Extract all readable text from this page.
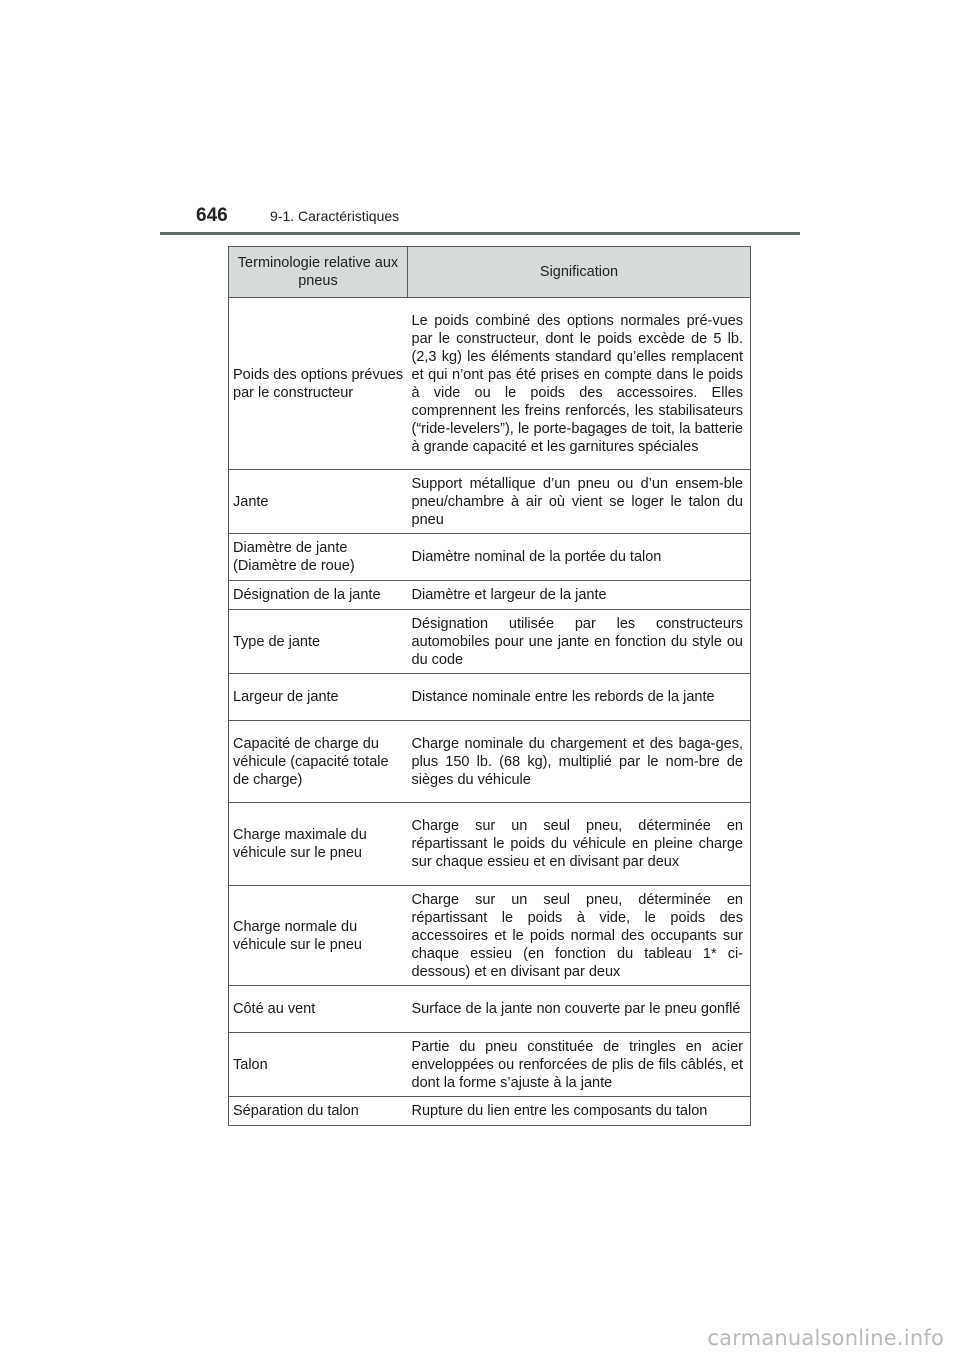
646	9-1. Caractéristiques
Terminologie relative aux pneus	Signification
Poids des options prévues par le constructeur	Le poids combiné des options normales pré-vues par le constructeur, dont le poids excède de 5 lb. (2,3 kg) les éléments standard qu’elles remplacent et qui n’ont pas été prises en compte dans le poids à vide ou le poids des accessoires. Elles comprennent les freins renforcés, les stabilisateurs (“ride-levelers”), le porte-bagages de toit, la batterie à grande capacité et les garnitures spéciales
Jante	Support métallique d’un pneu ou d’un ensem-ble pneu/chambre à air où vient se loger le talon du pneu
Diamètre de jante (Diamètre de roue)	Diamètre nominal de la portée du talon
Désignation de la jante	Diamètre et largeur de la jante
Type de jante	Désignation utilisée par les constructeurs automobiles pour une jante en fonction du style ou du code
Largeur de jante	Distance nominale entre les rebords de la jante
Capacité de charge du véhicule (capacité totale de charge)	Charge nominale du chargement et des baga-ges, plus 150 lb. (68 kg), multiplié par le nom-bre de sièges du véhicule
Charge maximale du véhicule sur le pneu	Charge sur un seul pneu, déterminée en répartissant le poids du véhicule en pleine charge sur chaque essieu et en divisant par deux
Charge normale du véhicule sur le pneu	Charge sur un seul pneu, déterminée en répartissant le poids à vide, le poids des accessoires et le poids normal des occupants sur chaque essieu (en fonction du tableau 1* ci-dessous) et en divisant par deux
Côté au vent	Surface de la jante non couverte par le pneu gonflé
Talon	Partie du pneu constituée de tringles en acier enveloppées ou renforcées de plis de fils câblés, et dont la forme s’ajuste à la jante
Séparation du talon	Rupture du lien entre les composants du talon
carmanualsonline.info
